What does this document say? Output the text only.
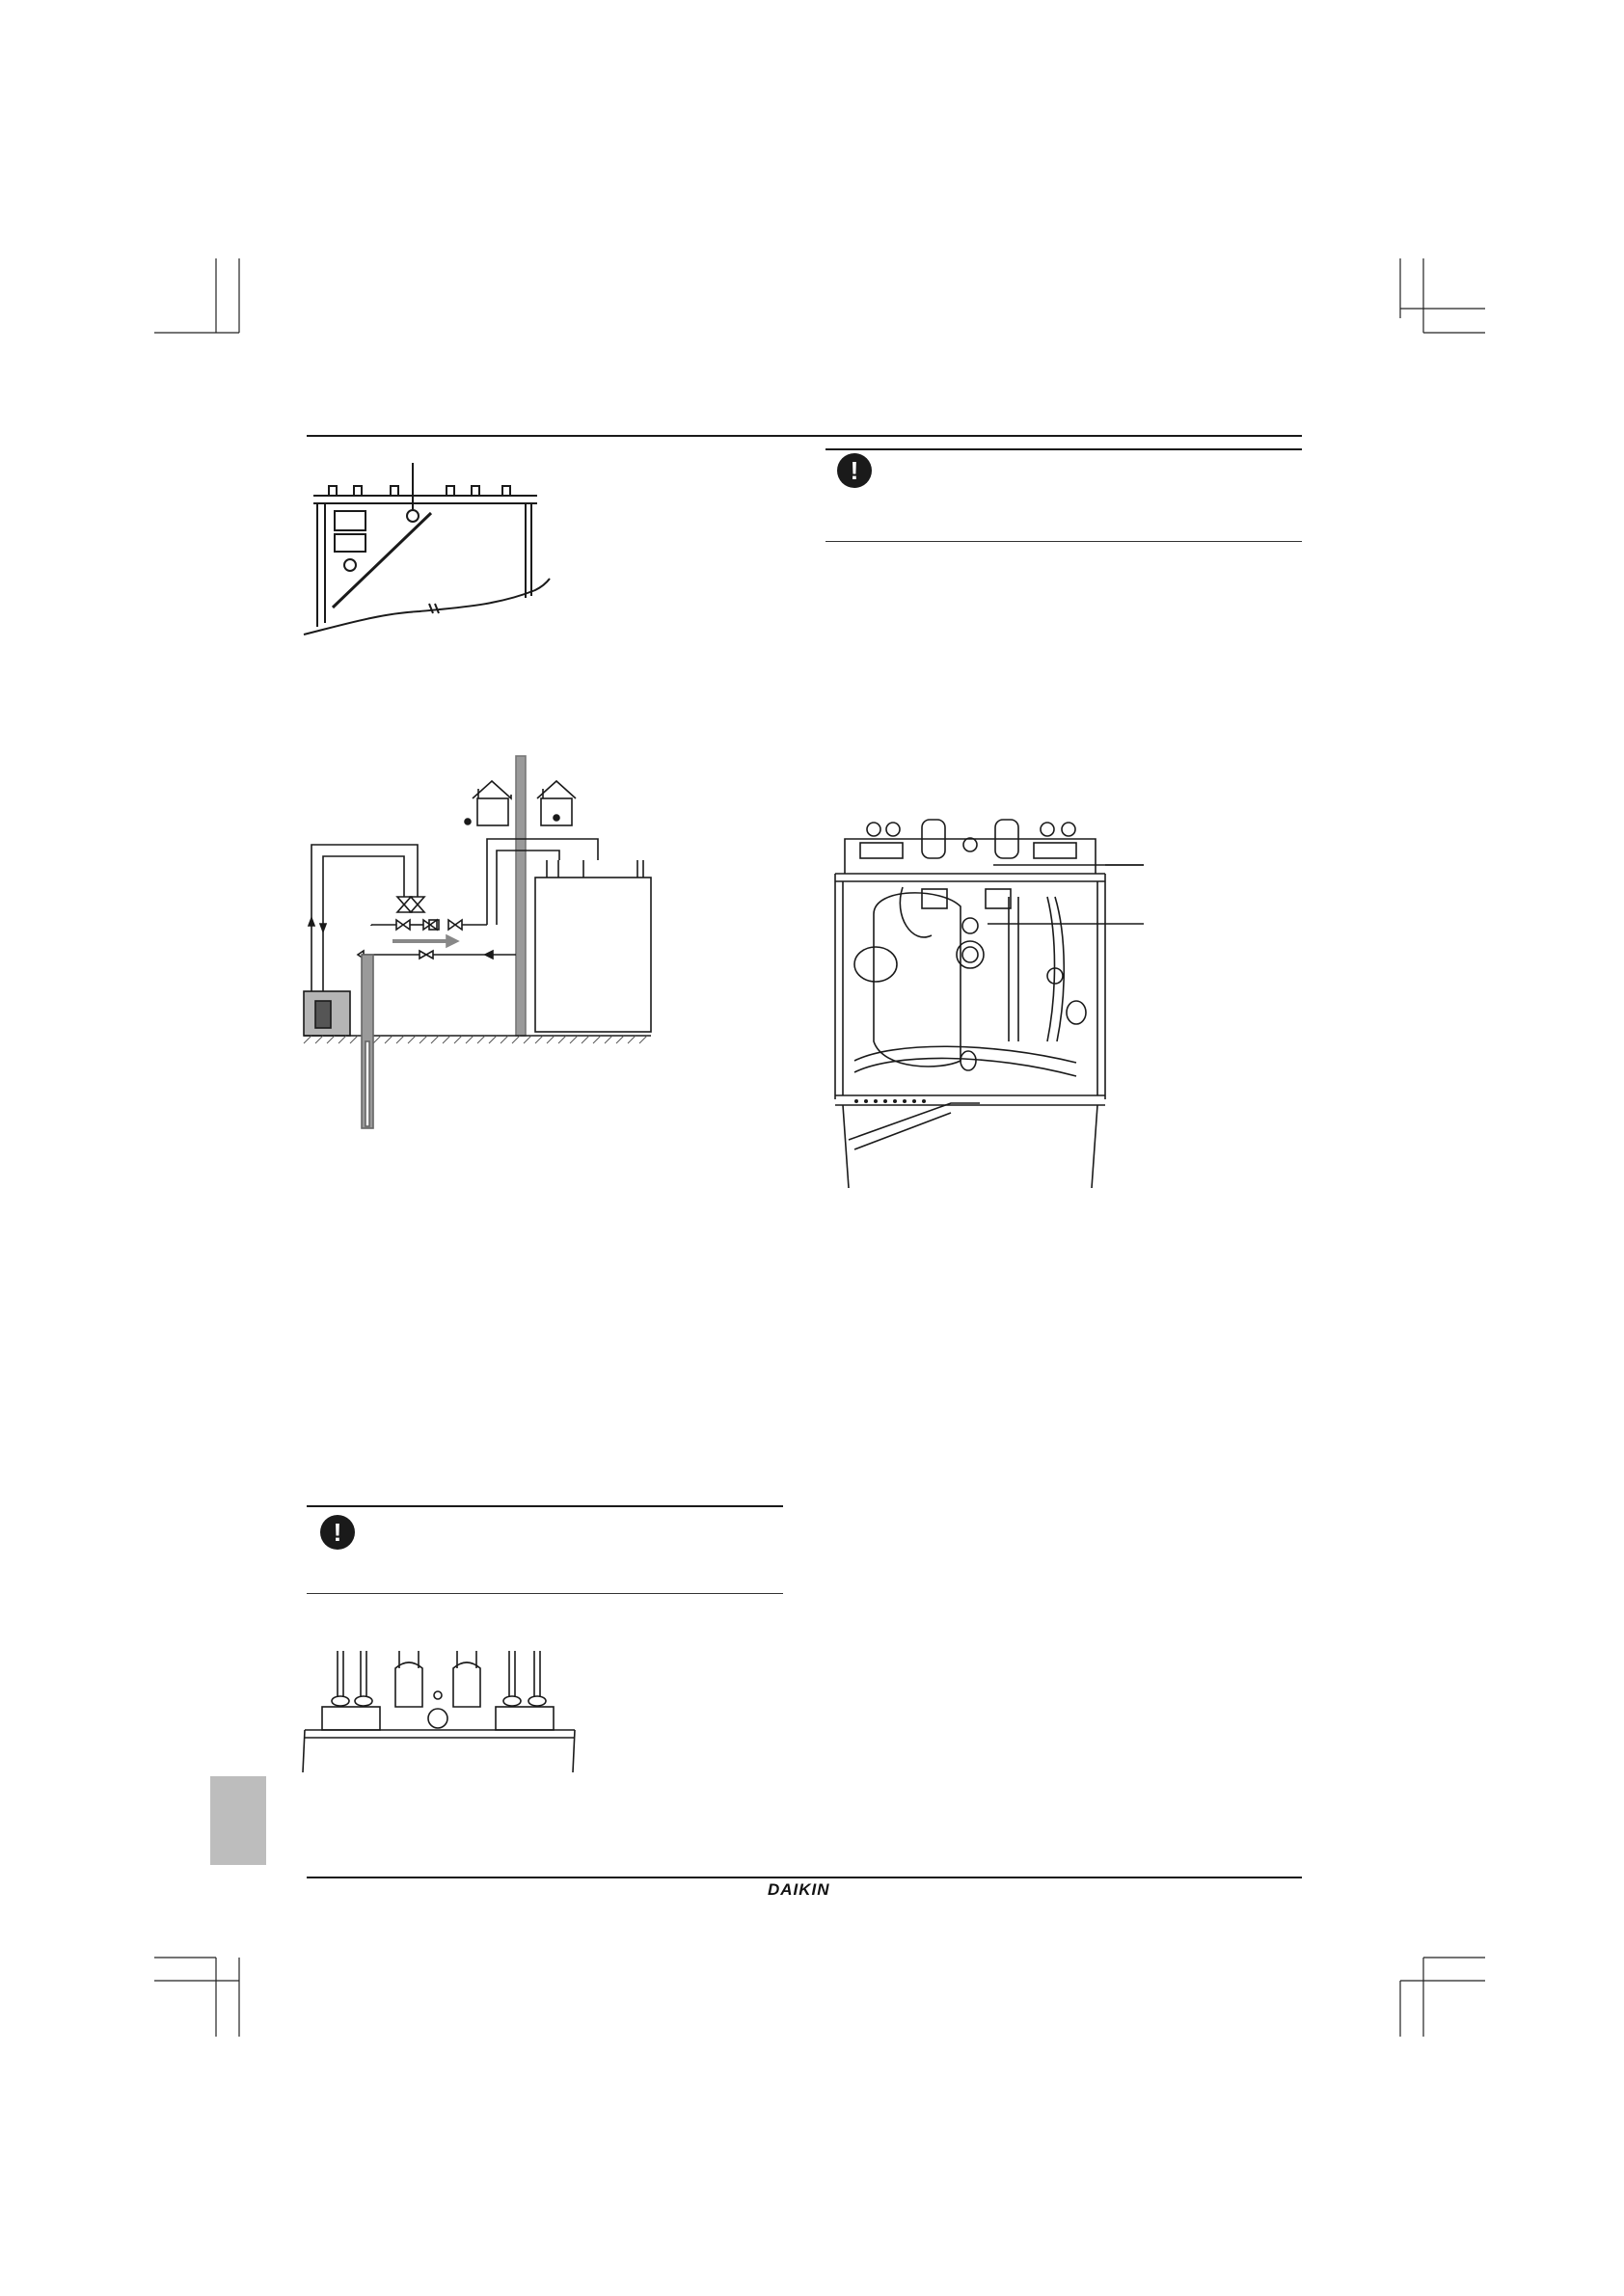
!
!
DAIKIN
